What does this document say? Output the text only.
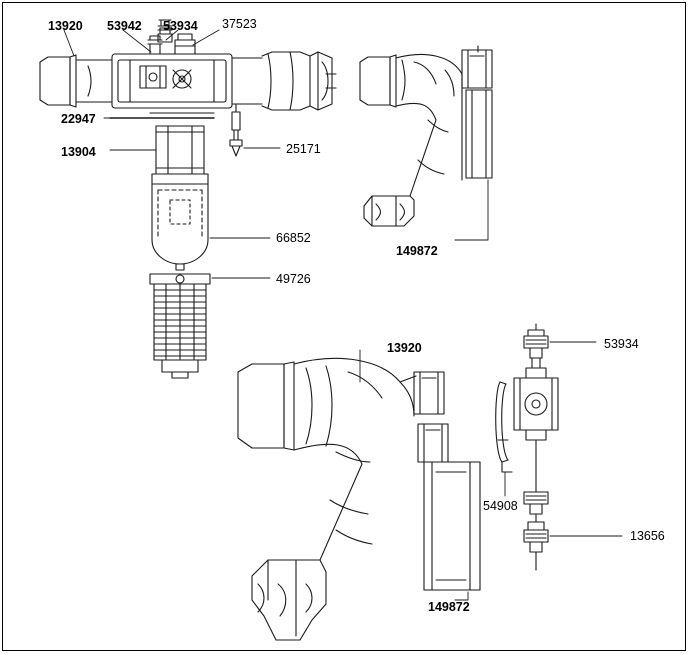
13920 53942 53934 37523
22947
13904	25171
66852
49726
149872
13920	53934
54908
13656
149872
